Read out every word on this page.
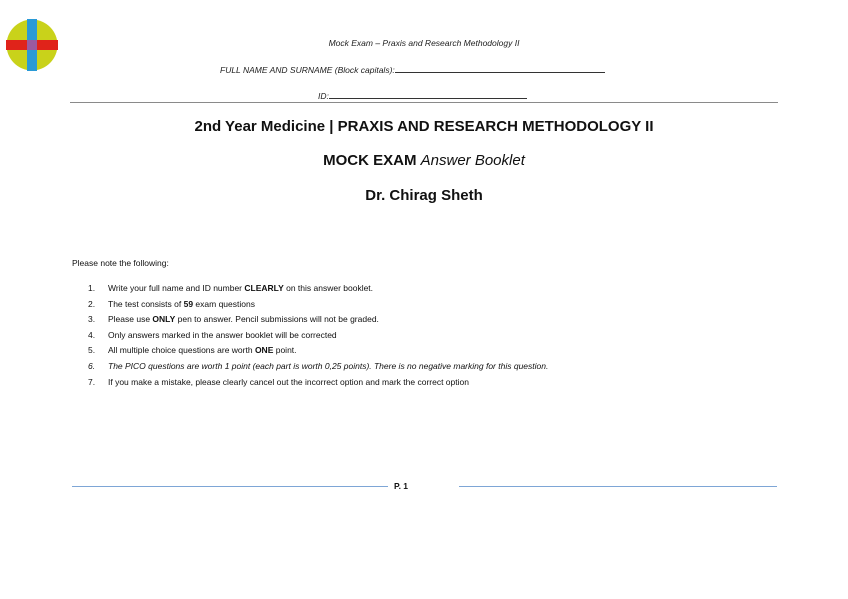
Mock Exam – Praxis and Research Methodology II
FULL NAME AND SURNAME (Block capitals):
ID:
2nd Year Medicine | PRAXIS AND RESEARCH METHODOLOGY II
MOCK EXAM Answer Booklet
Dr. Chirag Sheth
Please note the following:
1. Write your full name and ID number CLEARLY on this answer booklet.
2. The test consists of 59 exam questions
3. Please use ONLY pen to answer. Pencil submissions will not be graded.
4. Only answers marked in the answer booklet will be corrected
5. All multiple choice questions are worth ONE point.
6. The PICO questions are worth 1 point (each part is worth 0,25 points). There is no negative marking for this question.
7. If you make a mistake, please clearly cancel out the incorrect option and mark the correct option
P. 1
